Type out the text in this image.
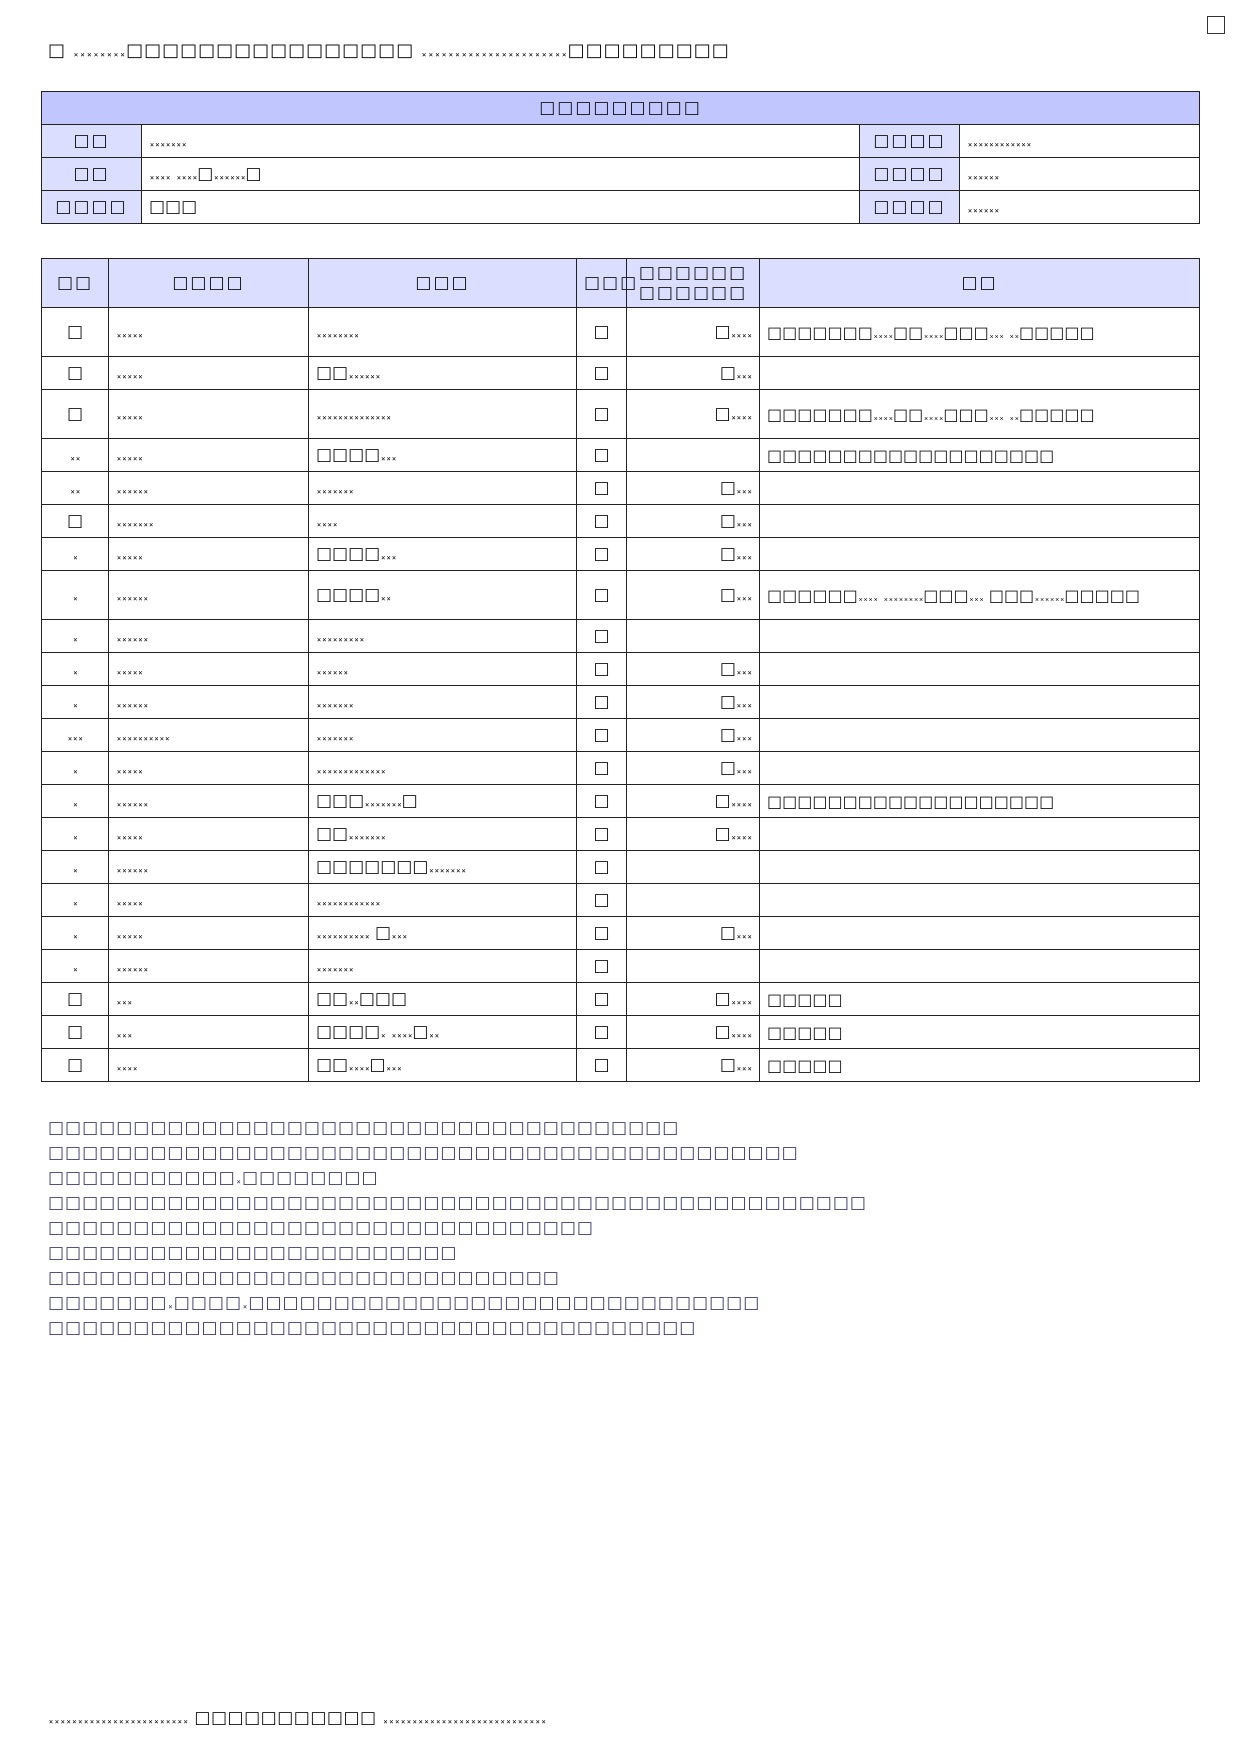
□ 𝅃𝅃𝅃𝅃𝅃𝅃𝅃𝅃□□□□□□□□□□□□□□□□ 𝅃𝅃𝅃𝅃𝅃𝅃𝅃𝅃𝅃𝅃𝅃𝅃𝅃𝅃𝅃𝅃𝅃𝅃𝅃𝅃𝅃𝅃□□□□□□□□□
□□□□□□□□□			
□□	𝅃𝅃𝅃𝅃𝅃𝅃𝅃	□□□□	𝅃𝅃𝅃𝅃𝅃𝅃𝅃𝅃𝅃𝅃𝅃𝅃
□□	𝅃𝅃𝅃𝅃 𝅃𝅃𝅃𝅃□𝅃𝅃𝅃𝅃𝅃𝅃□	□□□□	𝅃𝅃𝅃𝅃𝅃𝅃
□□□□	□□□	□□□□	𝅃𝅃𝅃𝅃𝅃𝅃
□□	□□□□	□□□	□□□	□□□□□□ □□□□□□	□□
□	𝅃𝅃𝅃𝅃𝅃	𝅃𝅃𝅃𝅃𝅃𝅃𝅃𝅃	□	□𝅃𝅃𝅃𝅃	□□□□□□□𝅃𝅃𝅃𝅃□□𝅃𝅃𝅃𝅃□□□𝅃𝅃𝅃 𝅃𝅃□□□□□
□	𝅃𝅃𝅃𝅃𝅃	□□𝅃𝅃𝅃𝅃𝅃𝅃	□	□𝅃𝅃𝅃	
□	𝅃𝅃𝅃𝅃𝅃	𝅃𝅃𝅃𝅃𝅃𝅃𝅃𝅃𝅃𝅃𝅃𝅃𝅃𝅃	□	□𝅃𝅃𝅃𝅃	□□□□□□□𝅃𝅃𝅃𝅃□□𝅃𝅃𝅃𝅃□□□𝅃𝅃𝅃 𝅃𝅃□□□□□
𝅃𝅃	𝅃𝅃𝅃𝅃𝅃	□□□□𝅃𝅃𝅃	□		□□□□□□□□□□□□□□□□□□□
𝅃𝅃	𝅃𝅃𝅃𝅃𝅃𝅃	𝅃𝅃𝅃𝅃𝅃𝅃𝅃	□	□𝅃𝅃𝅃	
□	𝅃𝅃𝅃𝅃𝅃𝅃𝅃	𝅃𝅃𝅃𝅃	□	□𝅃𝅃𝅃	
𝅃	𝅃𝅃𝅃𝅃𝅃	□□□□𝅃𝅃𝅃	□	□𝅃𝅃𝅃	
𝅃	𝅃𝅃𝅃𝅃𝅃𝅃	□□□□𝅃𝅃	□	□𝅃𝅃𝅃	□□□□□□𝅃𝅃𝅃𝅃 𝅃𝅃𝅃𝅃𝅃𝅃𝅃𝅃□□□𝅃𝅃𝅃 □□□𝅃𝅃𝅃𝅃𝅃𝅃□□□□□
𝅃	𝅃𝅃𝅃𝅃𝅃𝅃	𝅃𝅃𝅃𝅃𝅃𝅃𝅃𝅃𝅃	□		
𝅃	𝅃𝅃𝅃𝅃𝅃	𝅃𝅃𝅃𝅃𝅃𝅃	□	□𝅃𝅃𝅃	
𝅃	𝅃𝅃𝅃𝅃𝅃𝅃	𝅃𝅃𝅃𝅃𝅃𝅃𝅃	□	□𝅃𝅃𝅃	
𝅃𝅃𝅃	𝅃𝅃𝅃𝅃𝅃𝅃𝅃𝅃𝅃𝅃	𝅃𝅃𝅃𝅃𝅃𝅃𝅃	□	□𝅃𝅃𝅃	
𝅃	𝅃𝅃𝅃𝅃𝅃	𝅃𝅃𝅃𝅃𝅃𝅃𝅃𝅃𝅃𝅃𝅃𝅃𝅃	□	□𝅃𝅃𝅃	
𝅃	𝅃𝅃𝅃𝅃𝅃𝅃	□□□𝅃𝅃𝅃𝅃𝅃𝅃𝅃□	□	□𝅃𝅃𝅃𝅃	□□□□□□□□□□□□□□□□□□□
𝅃	𝅃𝅃𝅃𝅃𝅃	□□𝅃𝅃𝅃𝅃𝅃𝅃𝅃	□	□𝅃𝅃𝅃𝅃	
𝅃	𝅃𝅃𝅃𝅃𝅃𝅃	□□□□□□□𝅃𝅃𝅃𝅃𝅃𝅃𝅃	□		
𝅃	𝅃𝅃𝅃𝅃𝅃	𝅃𝅃𝅃𝅃𝅃𝅃𝅃𝅃𝅃𝅃𝅃𝅃	□		
𝅃	𝅃𝅃𝅃𝅃𝅃	𝅃𝅃𝅃𝅃𝅃𝅃𝅃𝅃𝅃𝅃 □𝅃𝅃𝅃	□	□𝅃𝅃𝅃	
𝅃	𝅃𝅃𝅃𝅃𝅃𝅃	𝅃𝅃𝅃𝅃𝅃𝅃𝅃	□		
□	𝅃𝅃𝅃	□□𝅃𝅃□□□	□	□𝅃𝅃𝅃𝅃	□□□□□
□	𝅃𝅃𝅃	□□□□𝅃 𝅃𝅃𝅃𝅃□𝅃𝅃	□	□𝅃𝅃𝅃𝅃	□□□□□
□	𝅃𝅃𝅃𝅃	□□𝅃𝅃𝅃𝅃□𝅃𝅃𝅃	□	□𝅃𝅃𝅃	□□□□□
□□□□□□□□□□□□□□□□□□□□□□□□□□□□□□□□□□□□□
□□□□□□□□□□□□□□□□□□□□□□□□□□□□□□□□□□□□□□□□□□□□
□□□□□□□□□□□𝅃□□□□□□□□
□□□□□□□□□□□□□□□□□□□□□□□□□□□□□□□□□□□□□□□□□□□□□□□□
□□□□□□□□□□□□□□□□□□□□□□□□□□□□□□□□
□□□□□□□□□□□□□□□□□□□□□□□□
□□□□□□□□□□□□□□□□□□□□□□□□□□□□□□
□□□□□□□𝅃□□□□𝅃□□□□□□□□□□□□□□□□□□□□□□□□□□□□□□
□□□□□□□□□□□□□□□□□□□□□□□□□□□□□□□□□□□□□□
𝅃𝅃𝅃𝅃𝅃𝅃𝅃𝅃𝅃𝅃𝅃𝅃𝅃𝅃𝅃𝅃𝅃𝅃𝅃𝅃𝅃𝅃𝅃𝅃 □□□□□□□□□□□ 𝅃𝅃𝅃𝅃𝅃𝅃𝅃𝅃𝅃𝅃𝅃𝅃𝅃𝅃𝅃𝅃𝅃𝅃𝅃𝅃𝅃𝅃𝅃𝅃𝅃𝅃𝅃𝅃
